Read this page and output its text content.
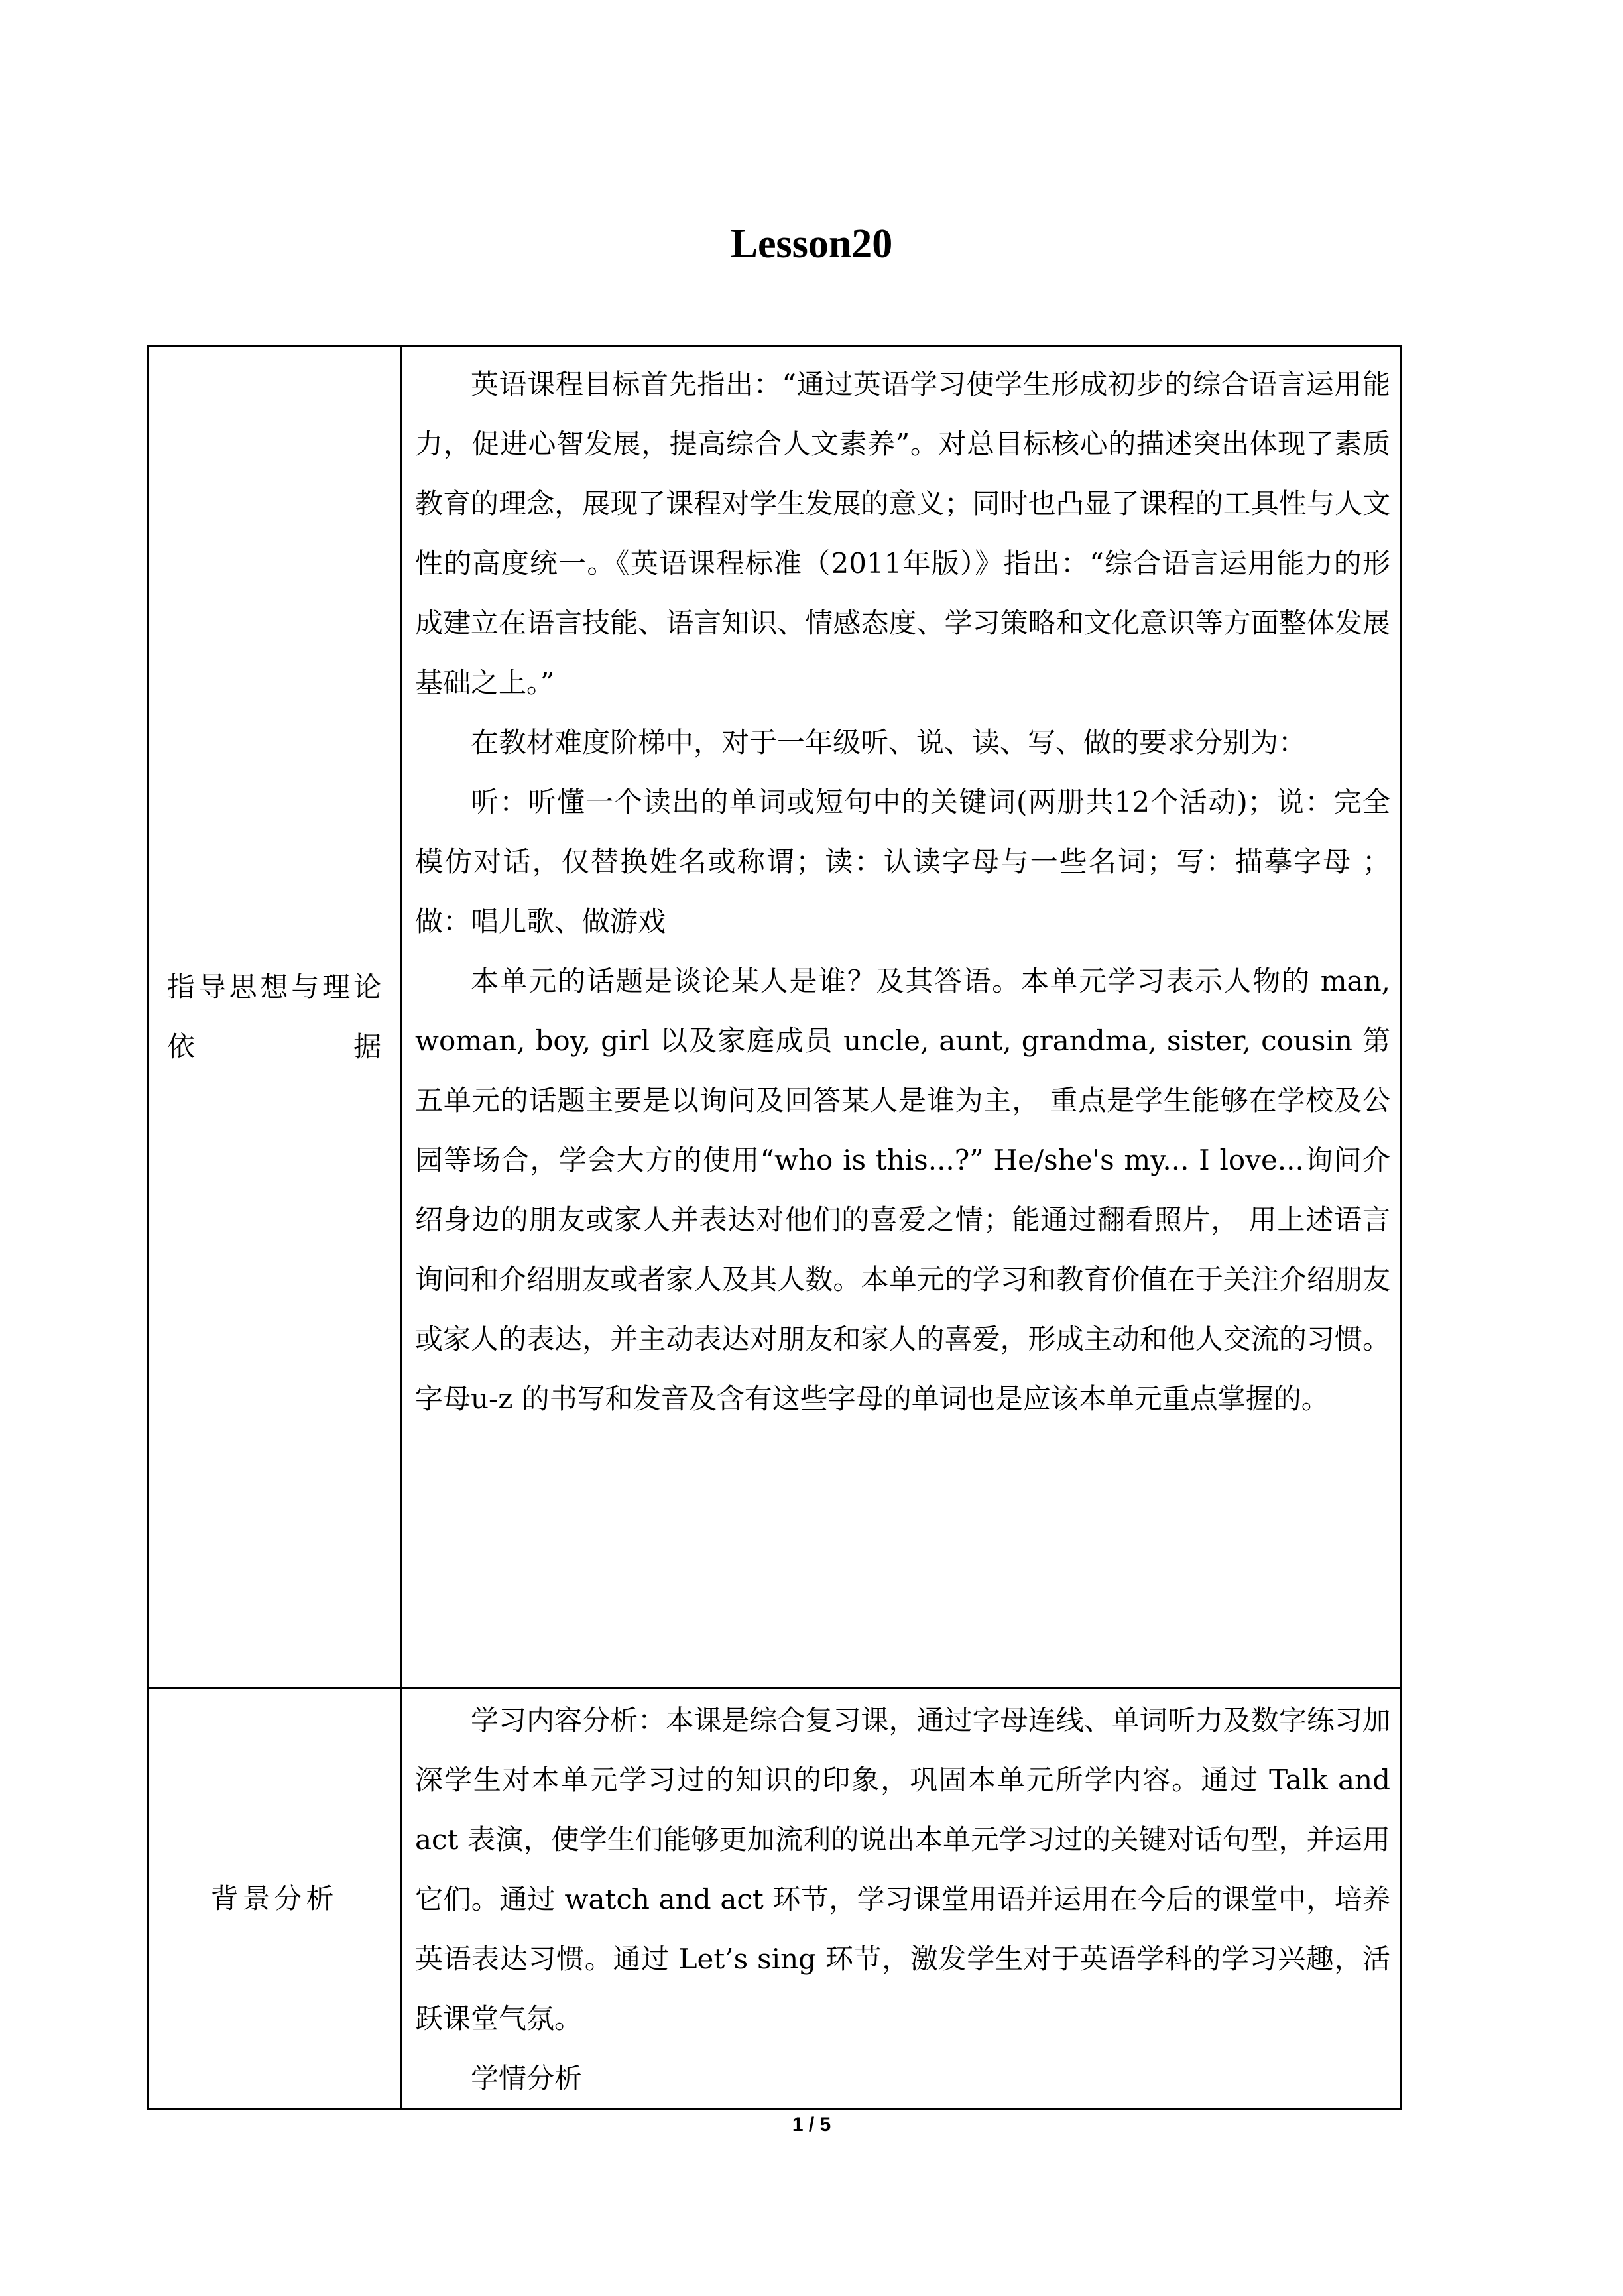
Lesson20
指导思想与理论依据	英语课程目标首先指出：“通过英语学习使学生形成初步的综合语言运用能力，促进心智发展，提高综合人文素养”。对总目标核心的描述突出体现了素质教育的理念，展现了课程对学生发展的意义；同时也凸显了课程的工具性与人文性的高度统一。《英语课程标准（2011年版）》指出：“综合语言运用能力的形成建立在语言技能、语言知识、情感态度、学习策略和文化意识等方面整体发展基础之上。”

在教材难度阶梯中，对于一年级听、说、读、写、做的要求分别为：

听：听懂一个读出的单词或短句中的关键词(两册共12个活动)；说：完全模仿对话，仅替换姓名或称谓；读：认读字母与一些名词；写：描摹字母 ；做：唱儿歌、做游戏

本单元的话题是谈论某人是谁？及其答语。本单元学习表示人物的 man, woman, boy, girl 以及家庭成员 uncle, aunt, grandma, sister, cousin 第五单元的话题主要是以询问及回答某人是谁为主， 重点是学生能够在学校及公园等场合，学会大方的使用“who is this...?” He/she's my... I love...询问介绍身边的朋友或家人并表达对他们的喜爱之情；能通过翻看照片， 用上述语言询问和介绍朋友或者家人及其人数。本单元的学习和教育价值在于关注介绍朋友或家人的表达，并主动表达对朋友和家人的喜爱，形成主动和他人交流的习惯。字母u-z 的书写和发音及含有这些字母的单词也是应该本单元重点掌握的。

背景分析	学习内容分析：本课是综合复习课，通过字母连线、单词听力及数字练习加深学生对本单元学习过的知识的印象，巩固本单元所学内容。通过 Talk and act 表演，使学生们能够更加流利的说出本单元学习过的关键对话句型，并运用它们。通过 watch and act 环节，学习课堂用语并运用在今后的课堂中，培养英语表达习惯。通过 Let’s sing 环节，激发学生对于英语学科的学习兴趣，活跃课堂气氛。

学情分析

1 / 5
